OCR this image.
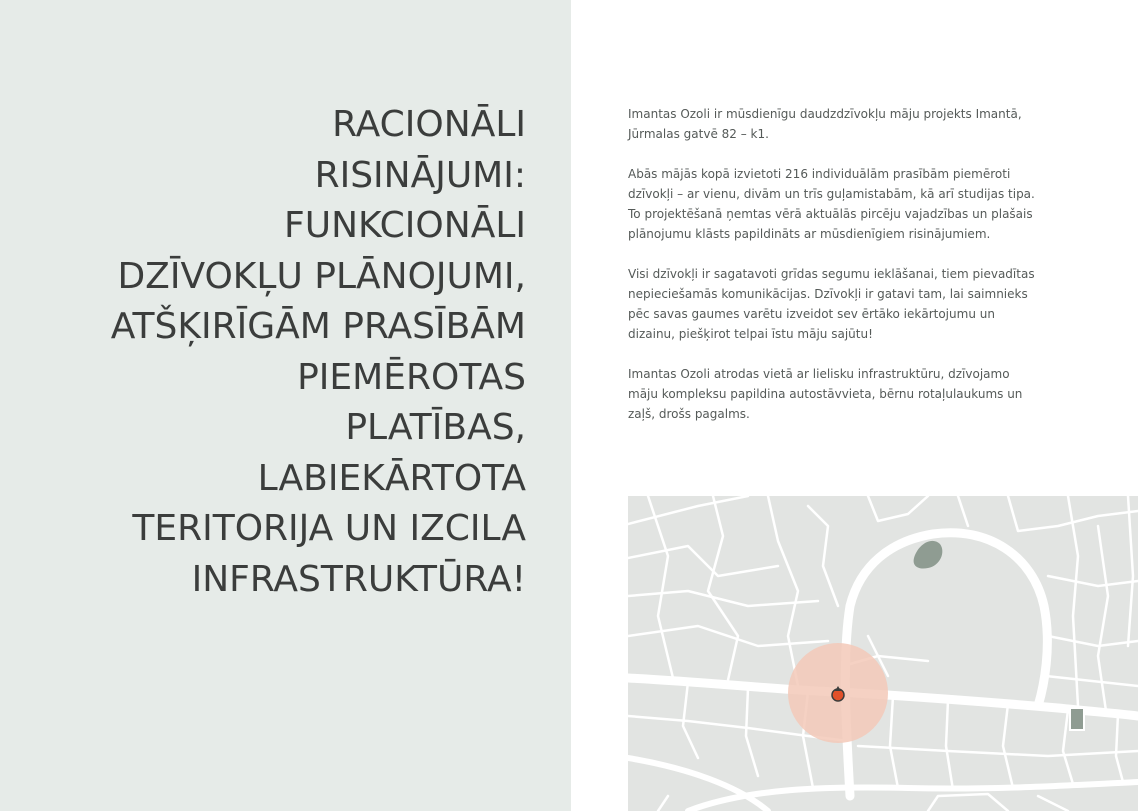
RACIONĀLI
RISINĀJUMI:
FUNKCIONĀLI
DZĪVOKĻU PLĀNOJUMI,
ATŠĶIRĪGĀM PRASĪBĀM
PIEMĒROTAS
PLATĪBAS,
LABIEKĀRTOTA
TERITORIJA UN IZCILA
INFRASTRUKTŪRA!

Imantas Ozoli ir mūsdienīgu daudzdzīvokļu māju projekts Imantā, Jūrmalas gatvē 82 – k1.

Abās mājās kopā izvietoti 216 individuālām prasībām piemēroti dzīvokļi – ar vienu, divām un trīs guļamistabām, kā arī studijas tipa. To projektēšanā ņemtas vērā aktuālās pircēju vajadzības un plašais plānojumu klāsts papildināts ar mūsdienīgiem risinājumiem.

Visi dzīvokļi ir sagatavoti grīdas segumu ieklāšanai, tiem pievadītas nepieciešamās komunikācijas. Dzīvokļi ir gatavi tam, lai saimnieks pēc savas gaumes varētu izveidot sev ērtāko iekārtojumu un dizainu, piešķirot telpai īstu māju sajūtu!

Imantas Ozoli atrodas vietā ar lielisku infrastruktūru, dzīvojamo māju kompleksu papildina autostāvvieta, bērnu rotaļulaukums un zaļš, drošs pagalms.
